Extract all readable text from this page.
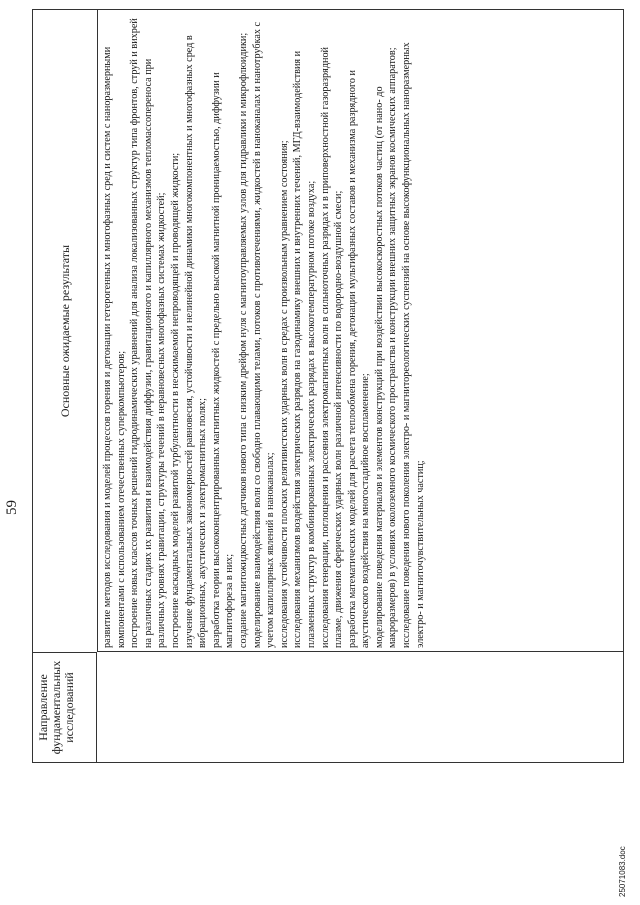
59
Направление фундаментальных исследований
Основные ожидаемые результаты	развитие методов исследования и моделей процессов горения и детонации гетерогенных и многофазных сред и систем с наноразмерными компонентами с использованием отечественных суперкомпьютеров; построение новых классов точных решений гидродинамических уравнений для анализа локализованных структур типа фронтов, струй и вихрей на различных стадиях их развития и взаимодействия диффузии, гравитационного и капиллярного механизмов тепломассопереноса при различных уровнях гравитации, структуры течений в неравновесных многофазных системах жидкостей; построение каскадных моделей развитой турбулентности в несжимаемой непроводящей и проводящей жидкости; изучение фундаментальных закономерностей равновесия, устойчивости и нелинейной динамики многокомпонентных и многофазных сред в вибрационных, акустических и электромагнитных полях; разработка теории высококонцентрированных магнитных жидкостей с предельно высокой магнитной проницаемостью, диффузии и магнитофореза в них; создание магнитожидкостных датчиков нового типа с низким дрейфом нуля с магнитоуправляемых узлов для гидравлики и микрофлюидики; моделирование взаимодействия волн со свободно плавающими телами, потоков с противотечениями, жидкостей в наноканалах и нанотрубках с учетом капиллярных явлений в наноканалах; исследования устойчивости плоских релятивистских ударных волн в средах с произвольным уравнением состояния; исследования механизмов воздействия электрических разрядов на газодинамику внешних и внутренних течений, МГД-взаимодействия и плазменных структур в комбинированных электрических разрядах в высокотемпературном потоке воздуха; исследования генерации, поглощения и рассеяния электромагнитных волн в сильноточных разрядах и в приповерхностной газоразрядной плазме, движения сферических ударных волн различной интенсивности по водородно-воздушной смеси; разработка математических моделей для расчета теплообмена горения, детонации мультифазных составов и механизма разрядного и акустического воздействия на многостадийное воспламенение; моделирование поведения материалов и элементов конструкций при воздействии высокоскоростных потоков частиц (от нано- до макроразмеров) в условиях околоземного космического пространства и конструкции внешних защитных экранов космических аппаратов; исследование поведения нового поколения электро- и магнитореологических суспензий на основе высокофункциональных наноразмерных электро- и магниточувствительных частиц;

25071083.doc
